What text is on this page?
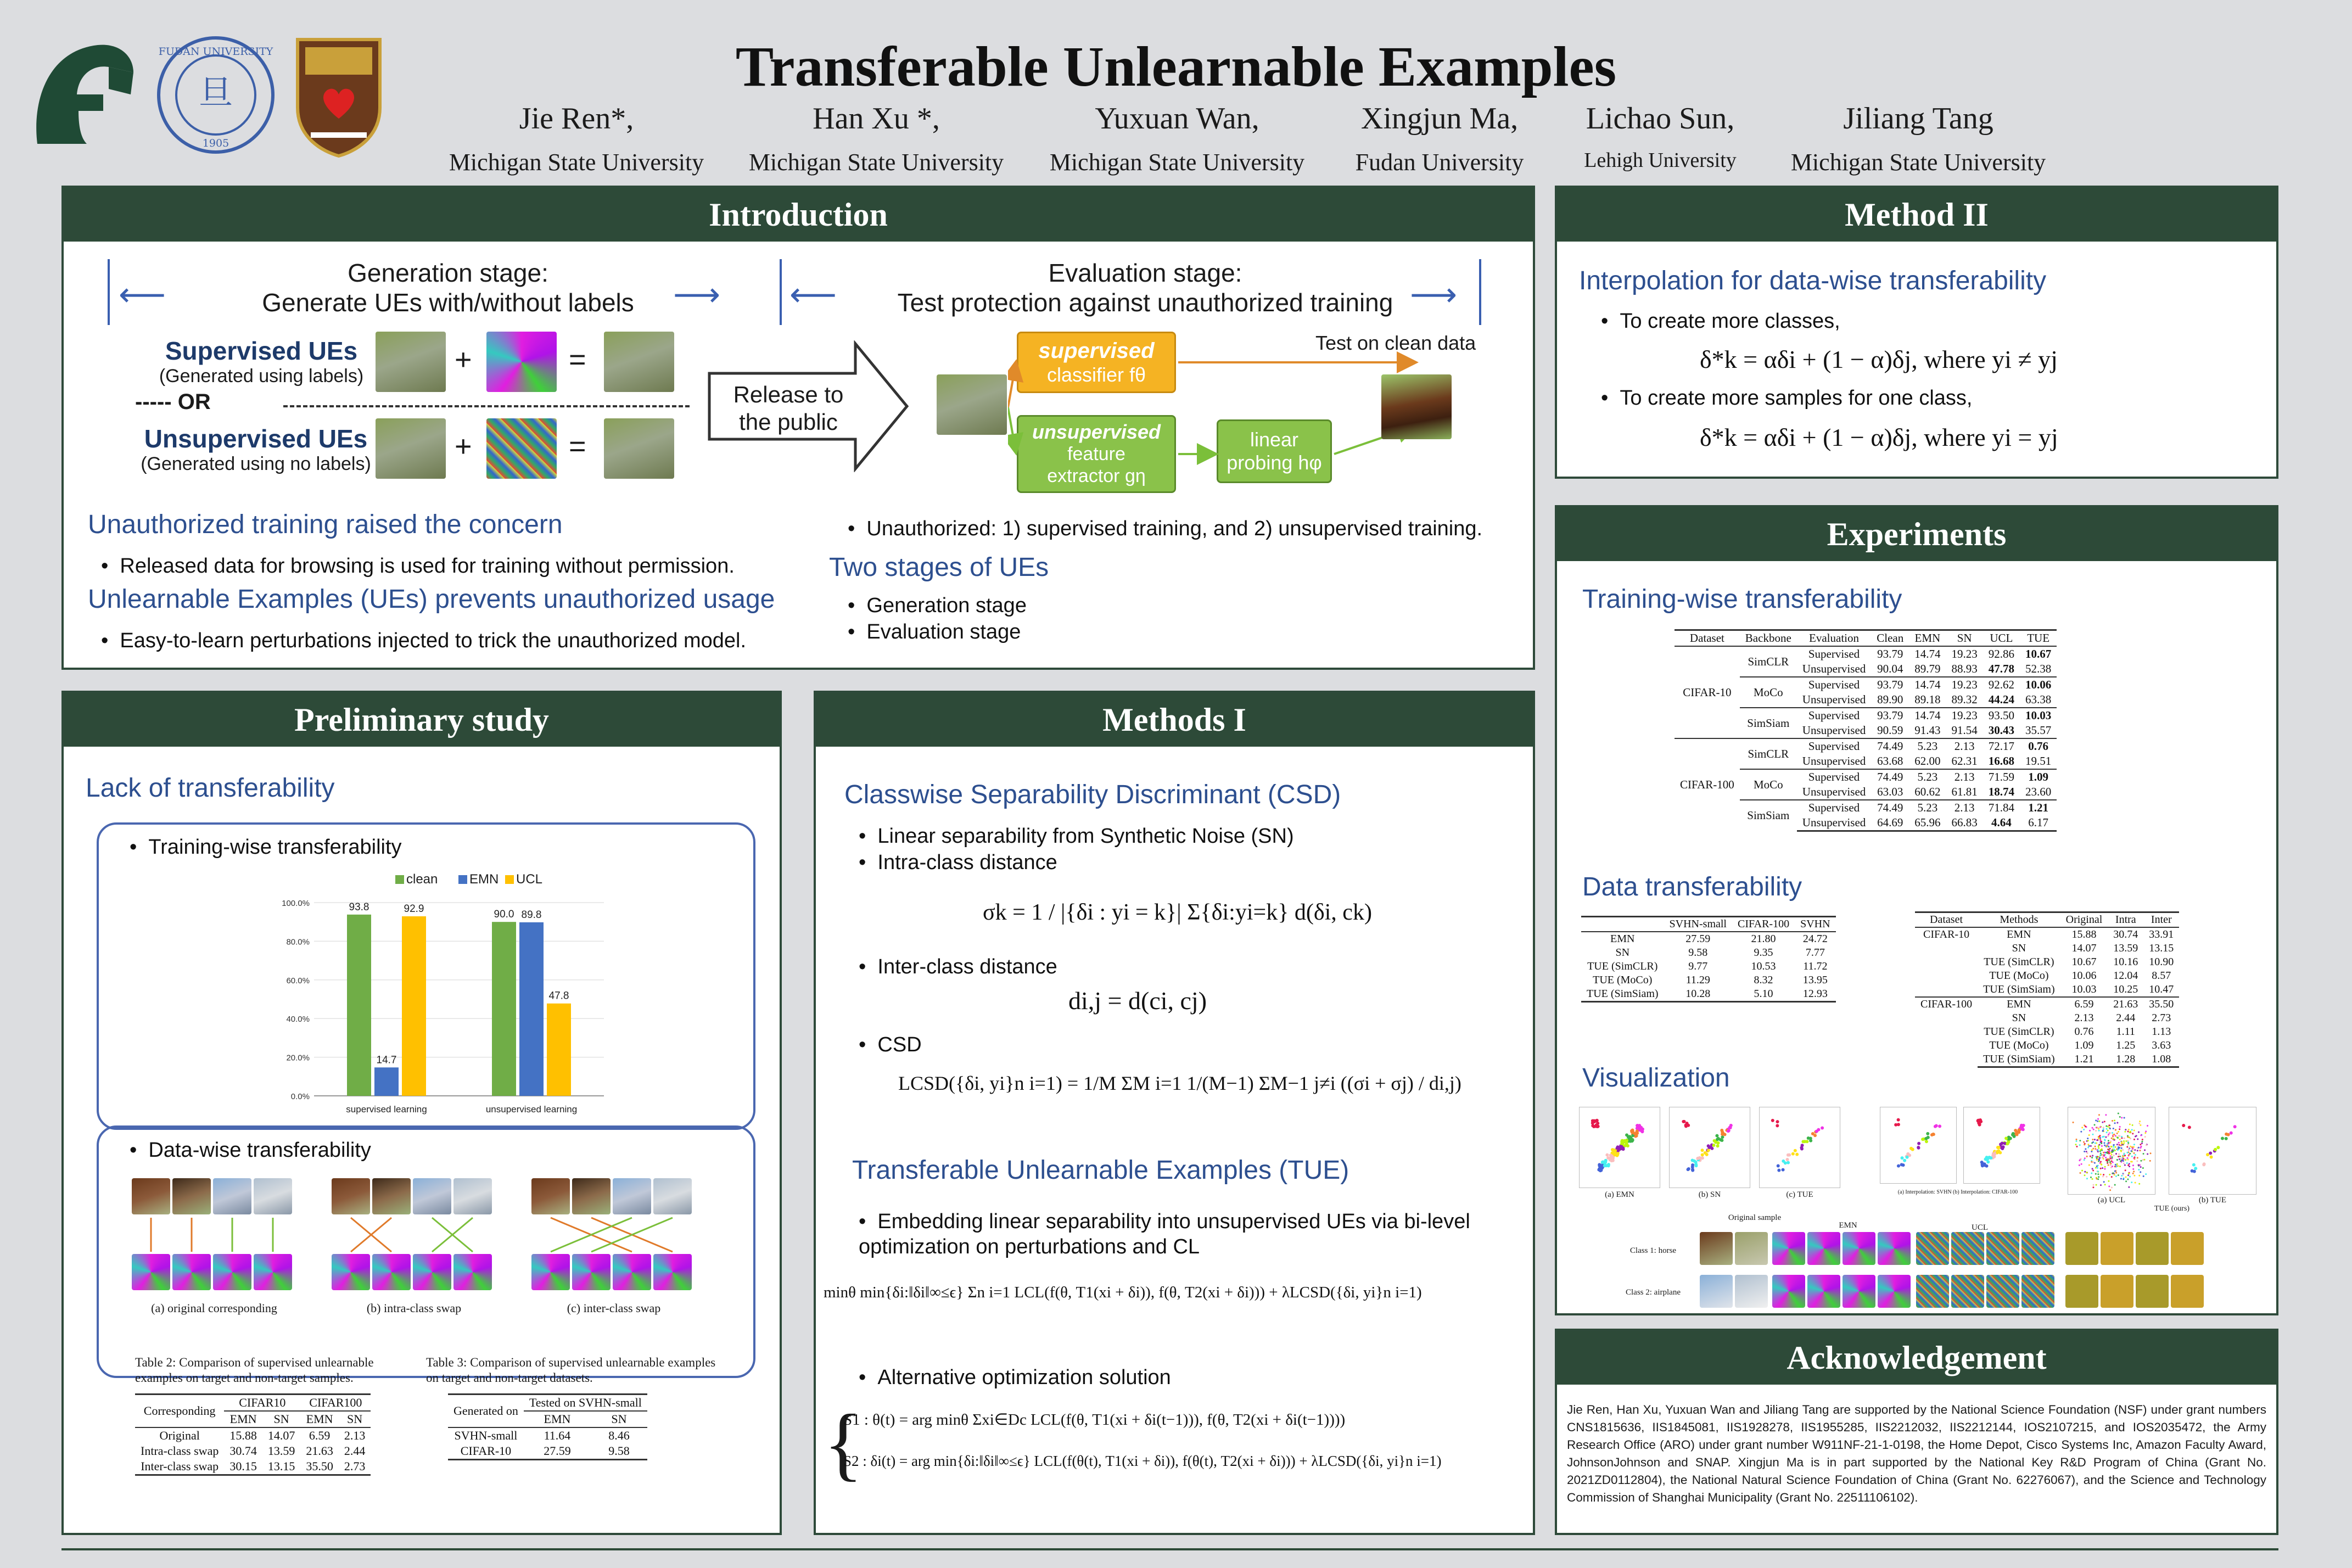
旦
FUDAN UNIVERSITY
1905
Transferable Unlearnable Examples
Jie Ren*,
Michigan State University
Han Xu *,
Michigan State University
Yuxuan Wan,
Michigan State University
Xingjun Ma,
Fudan University
Lichao Sun,
Lehigh University
Jiliang Tang
Michigan State University
Introduction
⟵	⟶ ⟵	⟶
Generation stage:
Generate UEs with/without labels
Evaluation stage:
Test protection against unauthorized training
Supervised UEs
(Generated using labels)	+	=
----- OR
Unsupervised UEs
(Generated using no labels)
+	=
Release to the public
supervised
classifier fθ
unsupervised
feature
extractor gη
linear
probing hφ
Test on clean data
Unauthorized training raised the concern
•  Released data for browsing is used for training without permission.
Unlearnable Examples (UEs) prevents unauthorized usage
•  Easy-to-learn perturbations injected to trick the unauthorized model.
•  Unauthorized: 1) supervised training, and 2) unsupervised training.
Two stages of UEs
•  Generation stage
•  Evaluation stage
Method II
Interpolation for data-wise transferability
•  To create more classes,
δ*k = αδi + (1 − α)δj, where yi ≠ yj
•  To create more samples for one class,
δ*k = αδi + (1 − α)δj, where yi = yj
Experiments
Training-wise transferability
Dataset	Backbone	Evaluation	Clean	EMN	SN	UCL	TUE
CIFAR-10	SimCLR	Supervised	93.79	14.74	19.23	92.86	10.67
		Unsupervised	90.04	89.79	88.93	47.78	52.38
	MoCo	Supervised	93.79	14.74	19.23	92.62	10.06
		Unsupervised	89.90	89.18	89.32	44.24	63.38
	SimSiam	Supervised	93.79	14.74	19.23	93.50	10.03
		Unsupervised	90.59	91.43	91.54	30.43	35.57
CIFAR-100	SimCLR	Supervised	74.49	5.23	2.13	72.17	0.76
		Unsupervised	63.68	62.00	62.31	16.68	19.51
	MoCo	Supervised	74.49	5.23	2.13	71.59	1.09
		Unsupervised	63.03	60.62	61.81	18.74	23.60
	SimSiam	Supervised	74.49	5.23	2.13	71.84	1.21
		Unsupervised	64.69	65.96	66.83	4.64	6.17
Data transferability
	SVHN-small	CIFAR-100	SVHN
EMN	27.59	21.80	24.72
SN	9.58	9.35	7.77
TUE (SimCLR)	9.77	10.53	11.72
TUE (MoCo)	11.29	8.32	13.95
TUE (SimSiam)	10.28	5.10	12.93
Dataset	Methods	Original	Intra	Inter
CIFAR-10	EMN	15.88	30.74	33.91
	SN	14.07	13.59	13.15
	TUE (SimCLR)	10.67	10.16	10.90
	TUE (MoCo)	10.06	12.04	8.57
	TUE (SimSiam)	10.03	10.25	10.47
CIFAR-100	EMN	6.59	21.63	35.50
	SN	2.13	2.44	2.73
	TUE (SimCLR)	0.76	1.11	1.13
	TUE (MoCo)	1.09	1.25	3.63
	TUE (SimSiam)	1.21	1.28	1.08
Visualization
(a) EMN	(b) SN	(c) TUE	(a) Interpolation: SVHN (b) Interpolation: CIFAR-100
(a) UCL	(b) TUE
TUE (ours)
Original sample
EMN	UCL
Class 1: horse
Class 2: airplane
Preliminary study
Lack of transferability
•  Training-wise transferability
0.0%
20.0%
40.0%
60.0%
80.0%
100.0%	93.8
14.7
92.9
supervised learning
90.0 89.8
47.8
unsupervised learning
clean EMN UCL
•  Data-wise transferability
(a) original corresponding	(b) intra-class swap	(c) inter-class swap
Table 2: Comparison of supervised unlearnable examples on target and non-target samples.
Table 3: Comparison of supervised unlearnable examples on target and non-target datasets.
Corresponding	CIFAR10		CIFAR100	
	EMN	SN	EMN	SN
Original	15.88	14.07	6.59	2.13
Intra-class swap	30.74	13.59	21.63	2.44
Inter-class swap	30.15	13.15	35.50	2.73
Generated on	Tested on SVHN-small	
	EMN	SN
SVHN-small	11.64	8.46
CIFAR-10	27.59	9.58
Methods I
Classwise Separability Discriminant (CSD)
•  Linear separability from Synthetic Noise (SN)
•  Intra-class distance
σk = 1 / |{δi : yi = k}| Σ{δi:yi=k} d(δi, ck)
•  Inter-class distance
di,j = d(ci, cj)
•  CSD
LCSD({δi, yi}n i=1) = 1/M ΣM i=1 1/(M−1) ΣM−1 j≠i ((σi + σj) / di,j)
Transferable Unlearnable Examples (TUE)
•  Embedding linear separability into unsupervised UEs via bi-level optimization on perturbations and CL
minθ min{δi:‖δi‖∞≤ϵ} Σn i=1 LCL(f(θ, T1(xi + δi)), f(θ, T2(xi + δi))) + λLCSD({δi, yi}n i=1)
•  Alternative optimization solution
{
S1 : θ(t) = arg minθ Σxi∈Dc LCL(f(θ, T1(xi + δi(t−1))), f(θ, T2(xi + δi(t−1))))
S2 : δi(t) = arg min{δi:‖δi‖∞≤ϵ} LCL(f(θ(t), T1(xi + δi)), f(θ(t), T2(xi + δi))) + λLCSD({δi, yi}n i=1)
Acknowledgement
Jie Ren, Han Xu, Yuxuan Wan and Jiliang Tang are supported by the National Science Foundation (NSF) under grant numbers CNS1815636, IIS1845081, IIS1928278, IIS1955285, IIS2212032, IIS2212144, IOS2107215, and IOS2035472, the Army Research Office (ARO) under grant number W911NF-21-1-0198, the Home Depot, Cisco Systems Inc, Amazon Faculty Award, JohnsonJohnson and SNAP. Xingjun Ma is in part supported by the National Key R&D Program of China (Grant No. 2021ZD0112804), the National Natural Science Foundation of China (Grant No. 62276067), and the Science and Technology Commission of Shanghai Municipality (Grant No. 22511106102).
